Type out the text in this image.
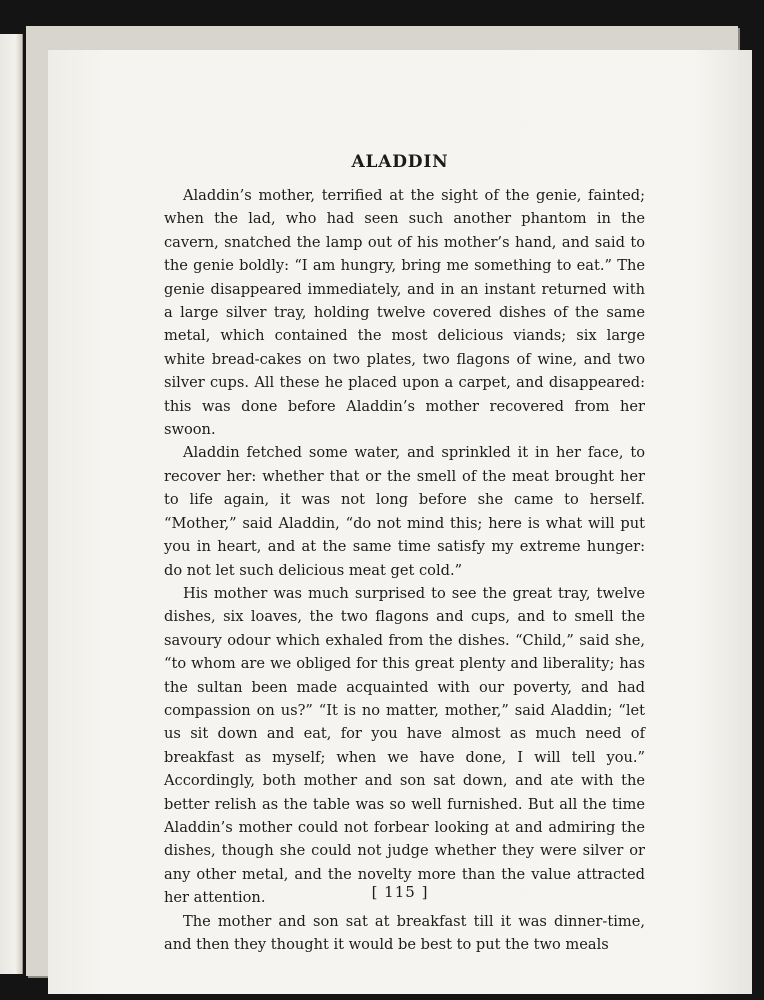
ALADDIN

Aladdin’s mother, terrified at the sight of the genie, fainted; when the lad, who had seen such another phantom in the cavern, snatched the lamp out of his mother’s hand, and said to the genie boldly: “I am hungry, bring me something to eat.” The genie disappeared immediately, and in an instant returned with a large silver tray, holding twelve covered dishes of the same metal, which contained the most delicious viands; six large white bread-cakes on two plates, two flagons of wine, and two silver cups. All these he placed upon a carpet, and disappeared: this was done before Aladdin’s mother recovered from her swoon.

Aladdin fetched some water, and sprinkled it in her face, to recover her: whether that or the smell of the meat brought her to life again, it was not long before she came to herself. “Mother,” said Aladdin, “do not mind this; here is what will put you in heart, and at the same time satisfy my extreme hunger: do not let such delicious meat get cold.”

His mother was much surprised to see the great tray, twelve dishes, six loaves, the two flagons and cups, and to smell the savoury odour which exhaled from the dishes. “Child,” said she, “to whom are we obliged for this great plenty and liberality; has the sultan been made acquainted with our poverty, and had compassion on us?” “It is no matter, mother,” said Aladdin; “let us sit down and eat, for you have almost as much need of breakfast as myself; when we have done, I will tell you.” Accordingly, both mother and son sat down, and ate with the better relish as the table was so well furnished. But all the time Aladdin’s mother could not forbear looking at and admiring the dishes, though she could not judge whether they were silver or any other metal, and the novelty more than the value attracted her attention.

The mother and son sat at breakfast till it was dinner-time, and then they thought it would be best to put the two meals

[ 115 ]
